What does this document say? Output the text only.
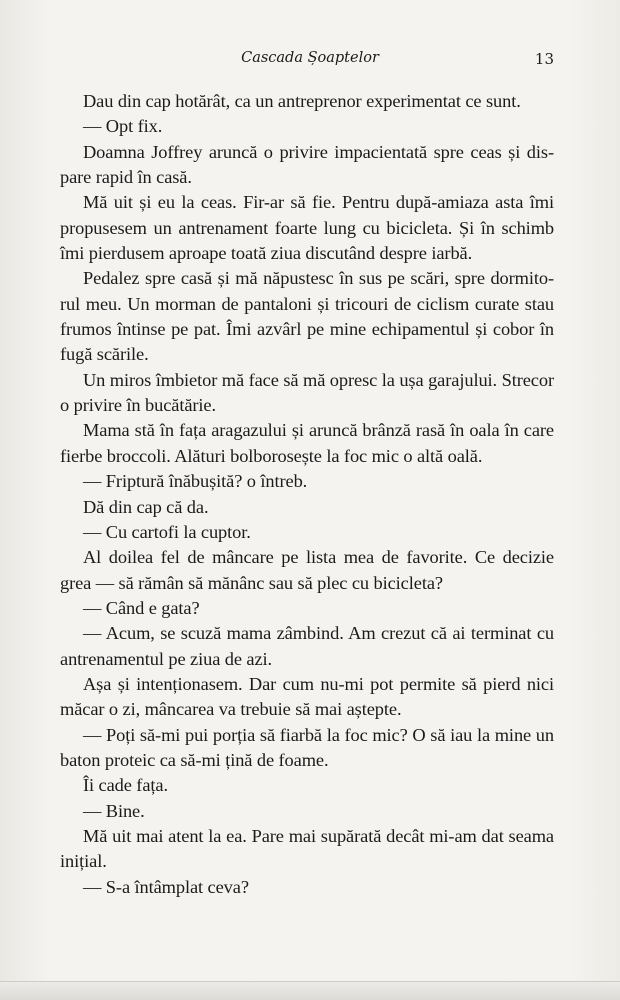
Cascada Șoaptelor	13

Dau din cap hotărât, ca un antreprenor experimentat ce sunt.

— Opt fix.

Doamna Joffrey aruncă o privire impacientată spre ceas și dis-pare rapid în casă.

Mă uit și eu la ceas. Fir-ar să fie. Pentru după-amiaza asta îmi propusesem un antrenament foarte lung cu bicicleta. Și în schimb îmi pierdusem aproape toată ziua discutând despre iarbă.

Pedalez spre casă și mă năpustesc în sus pe scări, spre dormito-rul meu. Un morman de pantaloni și tricouri de ciclism curate stau frumos întinse pe pat. Îmi azvârl pe mine echipamentul și cobor în fugă scările.

Un miros îmbietor mă face să mă opresc la ușa garajului. Strecor o privire în bucătărie.

Mama stă în fața aragazului și aruncă brânză rasă în oala în care fierbe broccoli. Alături bolborosește la foc mic o altă oală.

— Friptură înăbușită? o întreb.

Dă din cap că da.

— Cu cartofi la cuptor.

Al doilea fel de mâncare pe lista mea de favorite. Ce decizie grea — să rămân să mănânc sau să plec cu bicicleta?

— Când e gata?

— Acum, se scuză mama zâmbind. Am crezut că ai terminat cu antrenamentul pe ziua de azi.

Așa și intenționasem. Dar cum nu-mi pot permite să pierd nici măcar o zi, mâncarea va trebuie să mai aștepte.

— Poți să-mi pui porția să fiarbă la foc mic? O să iau la mine un baton proteic ca să-mi țină de foame.

Îi cade fața.

— Bine.

Mă uit mai atent la ea. Pare mai supărată decât mi-am dat seama inițial.

— S-a întâmplat ceva?
